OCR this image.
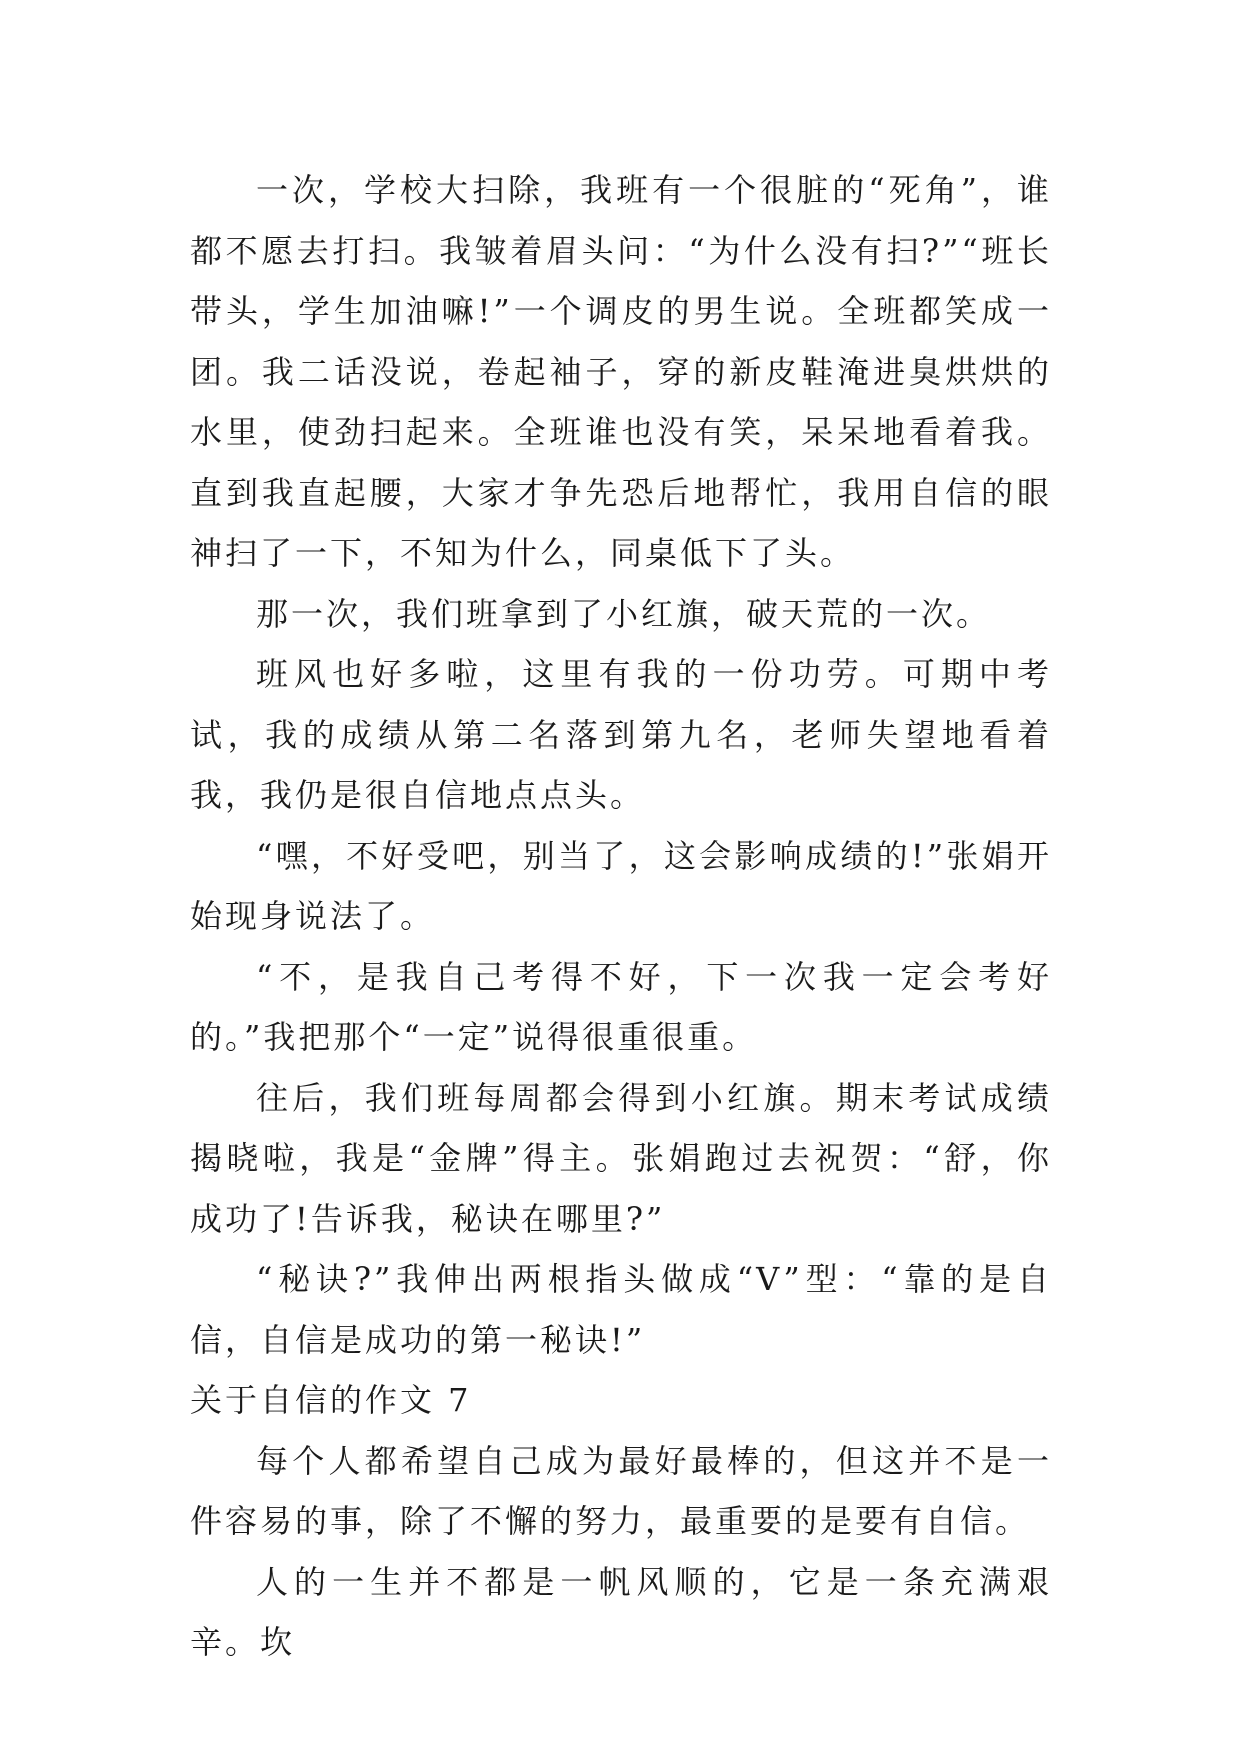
一次，学校大扫除，我班有一个很脏的“死角”，谁都不愿去打扫。我皱着眉头问：“为什么没有扫?”“班长带头，学生加油嘛!”一个调皮的男生说。全班都笑成一团。我二话没说，卷起袖子，穿的新皮鞋淹进臭烘烘的水里，使劲扫起来。全班谁也没有笑，呆呆地看着我。直到我直起腰，大家才争先恐后地帮忙，我用自信的眼神扫了一下，不知为什么，同桌低下了头。

那一次，我们班拿到了小红旗，破天荒的一次。

班风也好多啦，这里有我的一份功劳。可期中考试，我的成绩从第二名落到第九名，老师失望地看着我，我仍是很自信地点点头。

“嘿，不好受吧，别当了，这会影响成绩的!”张娟开始现身说法了。

“不，是我自己考得不好，下一次我一定会考好的。”我把那个“一定”说得很重很重。

往后，我们班每周都会得到小红旗。期末考试成绩揭晓啦，我是“金牌”得主。张娟跑过去祝贺：“舒，你成功了!告诉我，秘诀在哪里?”

“秘诀?”我伸出两根指头做成“V”型：“靠的是自信，自信是成功的第一秘诀!”

关于自信的作文 7

每个人都希望自己成为最好最棒的，但这并不是一件容易的事，除了不懈的努力，最重要的是要有自信。

人的一生并不都是一帆风顺的，它是一条充满艰辛。坎
